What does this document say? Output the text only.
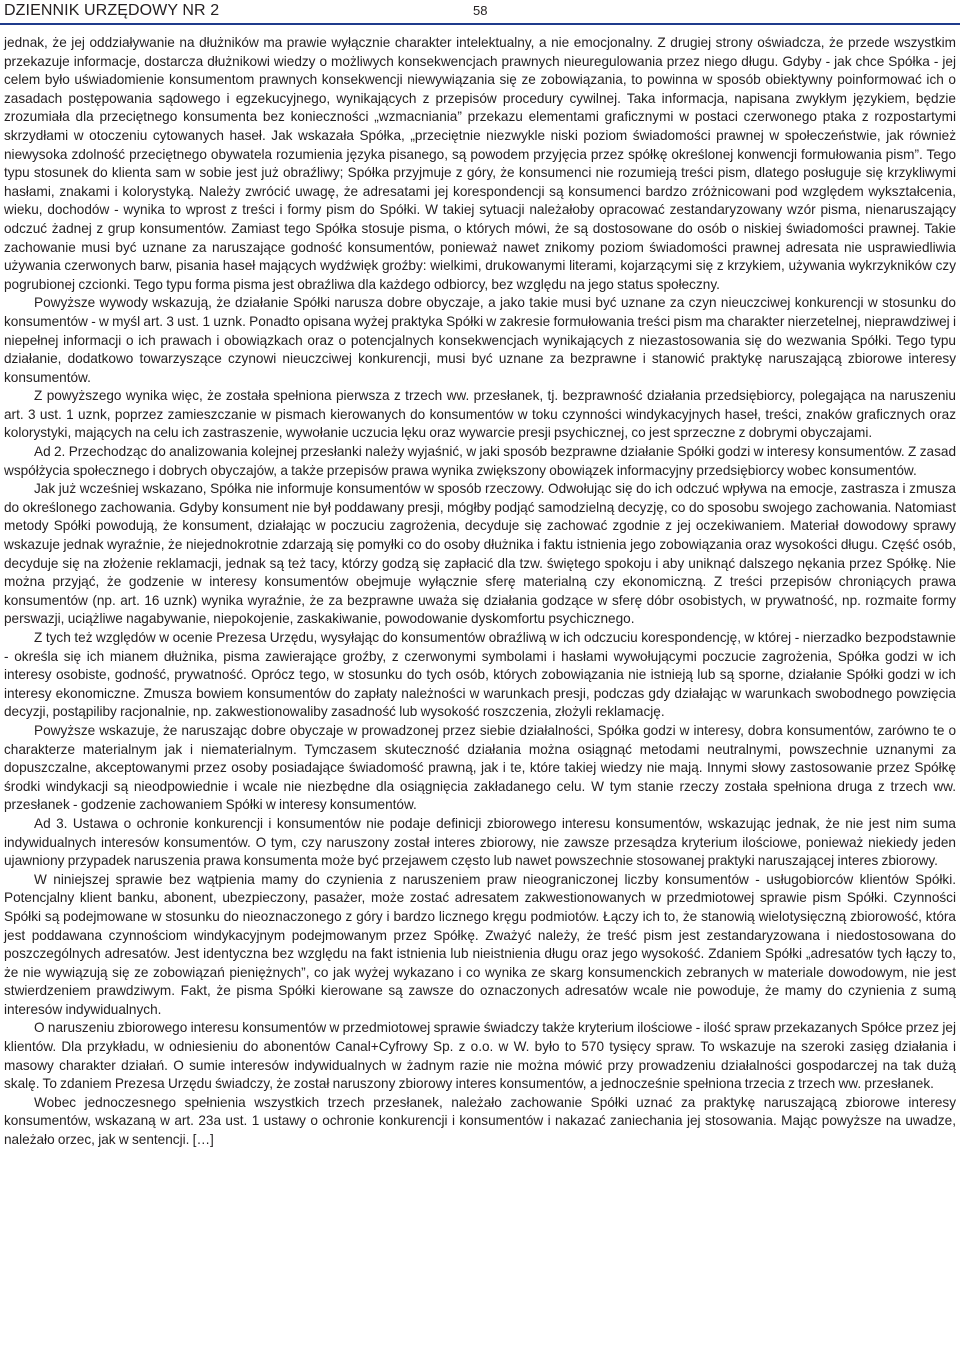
DZIENNIK URZĘDOWY NR 2	58

jednak, że jej oddziaływanie na dłużników ma prawie wyłącznie charakter intelektualny, a nie emocjonalny. Z drugiej strony oświadcza, że przede wszystkim przekazuje informacje, dostarcza dłużnikowi wiedzy o możliwych konsekwencjach prawnych nieuregulowania przez niego długu. Gdyby - jak chce Spółka - jej celem było uświadomienie konsumentom prawnych konsekwencji niewywiązania się ze zobowiązania, to powinna w sposób obiektywny poinformować ich o zasadach postępowania sądowego i egzekucyjnego, wynikających z przepisów procedury cywilnej. Taka informacja, napisana zwykłym językiem, będzie zrozumiała dla przeciętnego konsumenta bez konieczności „wzmacniania” przekazu elementami graficznymi w postaci czerwonego ptaka z rozpostartymi skrzydłami w otoczeniu cytowanych haseł. Jak wskazała Spółka, „przeciętnie niezwykle niski poziom świadomości prawnej w społeczeństwie, jak również niewysoka zdolność przeciętnego obywatela rozumienia języka pisanego, są powodem przyjęcia przez spółkę określonej konwencji formułowania pism”. Tego typu stosunek do klienta sam w sobie jest już obraźliwy; Spółka przyjmuje z góry, że konsumenci nie rozumieją treści pism, dlatego posługuje się krzykliwymi hasłami, znakami i kolorystyką. Należy zwrócić uwagę, że adresatami jej korespondencji są konsumenci bardzo zróżnicowani pod względem wykształcenia, wieku, dochodów - wynika to wprost z treści i formy pism do Spółki. W takiej sytuacji należałoby opracować zestandaryzowany wzór pisma, nienaruszający odczuć żadnej z grup konsumentów. Zamiast tego Spółka stosuje pisma, o których mówi, że są dostosowane do osób o niskiej świadomości prawnej. Takie zachowanie musi być uznane za naruszające godność konsumentów, ponieważ nawet znikomy poziom świadomości prawnej adresata nie usprawiedliwia używania czerwonych barw, pisania haseł mających wydźwięk groźby: wielkimi, drukowanymi literami, kojarzącymi się z krzykiem, używania wykrzykników czy pogrubionej czcionki. Tego typu forma pisma jest obraźliwa dla każdego odbiorcy, bez względu na jego status społeczny.

Powyższe wywody wskazują, że działanie Spółki narusza dobre obyczaje, a jako takie musi być uznane za czyn nieuczciwej konkurencji w stosunku do konsumentów - w myśl art. 3 ust. 1 uznk. Ponadto opisana wyżej praktyka Spółki w zakresie formułowania treści pism ma charakter nierzetelnej, nieprawdziwej i niepełnej informacji o ich prawach i obowiązkach oraz o potencjalnych konsekwencjach wynikających z niezastosowania się do wezwania Spółki. Tego typu działanie, dodatkowo towarzyszące czynowi nieuczciwej konkurencji, musi być uznane za bezprawne i stanowić praktykę naruszającą zbiorowe interesy konsumentów.

Z powyższego wynika więc, że została spełniona pierwsza z trzech ww. przesłanek, tj. bezprawność działania przedsiębiorcy, polegająca na naruszeniu art. 3 ust. 1 uznk, poprzez zamieszczanie w pismach kierowanych do konsumentów w toku czynności windykacyjnych haseł, treści, znaków graficznych oraz kolorystyki, mających na celu ich zastraszenie, wywołanie uczucia lęku oraz wywarcie presji psychicznej, co jest sprzeczne z dobrymi obyczajami.

Ad 2. Przechodząc do analizowania kolejnej przesłanki należy wyjaśnić, w jaki sposób bezprawne działanie Spółki godzi w interesy konsumentów. Z zasad współżycia społecznego i dobrych obyczajów, a także przepisów prawa wynika zwiększony obowiązek informacyjny przedsiębiorcy wobec konsumentów.

Jak już wcześniej wskazano, Spółka nie informuje konsumentów w sposób rzeczowy. Odwołując się do ich odczuć wpływa na emocje, zastrasza i zmusza do określonego zachowania. Gdyby konsument nie był poddawany presji, mógłby podjąć samodzielną decyzję, co do sposobu swojego zachowania. Natomiast metody Spółki powodują, że konsument, działając w poczuciu zagrożenia, decyduje się zachować zgodnie z jej oczekiwaniem. Materiał dowodowy sprawy wskazuje jednak wyraźnie, że niejednokrotnie zdarzają się pomyłki co do osoby dłużnika i faktu istnienia jego zobowiązania oraz wysokości długu. Część osób, decyduje się na złożenie reklamacji, jednak są też tacy, którzy godzą się zapłacić dla tzw. świętego spokoju i aby uniknąć dalszego nękania przez Spółkę. Nie można przyjąć, że godzenie w interesy konsumentów obejmuje wyłącznie sferę materialną czy ekonomiczną. Z treści przepisów chroniących prawa konsumentów (np. art. 16 uznk) wynika wyraźnie, że za bezprawne uważa się działania godzące w sferę dóbr osobistych, w prywatność, np. rozmaite formy perswazji, uciążliwe nagabywanie, niepokojenie, zaskakiwanie, powodowanie dyskomfortu psychicznego.

Z tych też względów w ocenie Prezesa Urzędu, wysyłając do konsumentów obraźliwą w ich odczuciu korespondencję, w której - nierzadko bezpodstawnie - określa się ich mianem dłużnika, pisma zawierające groźby, z czerwonymi symbolami i hasłami wywołującymi poczucie zagrożenia, Spółka godzi w ich interesy osobiste, godność, prywatność. Oprócz tego, w stosunku do tych osób, których zobowiązania nie istnieją lub są sporne, działanie Spółki godzi w ich interesy ekonomiczne. Zmusza bowiem konsumentów do zapłaty należności w warunkach presji, podczas gdy działając w warunkach swobodnego powzięcia decyzji, postąpiliby racjonalnie, np. zakwestionowaliby zasadność lub wysokość roszczenia, złożyli reklamację.

Powyższe wskazuje, że naruszając dobre obyczaje w prowadzonej przez siebie działalności, Spółka godzi w interesy, dobra konsumentów, zarówno te o charakterze materialnym jak i niematerialnym. Tymczasem skuteczność działania można osiągnąć metodami neutralnymi, powszechnie uznanymi za dopuszczalne, akceptowanymi przez osoby posiadające świadomość prawną, jak i te, które takiej wiedzy nie mają. Innymi słowy zastosowanie przez Spółkę środki windykacji są nieodpowiednie i wcale nie niezbędne dla osiągnięcia zakładanego celu. W tym stanie rzeczy została spełniona druga z trzech ww. przesłanek - godzenie zachowaniem Spółki w interesy konsumentów.

Ad 3. Ustawa o ochronie konkurencji i konsumentów nie podaje definicji zbiorowego interesu konsumentów, wskazując jednak, że nie jest nim suma indywidualnych interesów konsumentów. O tym, czy naruszony został interes zbiorowy, nie zawsze przesądza kryterium ilościowe, ponieważ niekiedy jeden ujawniony przypadek naruszenia prawa konsumenta może być przejawem często lub nawet powszechnie stosowanej praktyki naruszającej interes zbiorowy.

W niniejszej sprawie bez wątpienia mamy do czynienia z naruszeniem praw nieograniczonej liczby konsumentów - usługobiorców klientów Spółki. Potencjalny klient banku, abonent, ubezpieczony, pasażer, może zostać adresatem zakwestionowanych w przedmiotowej sprawie pism Spółki. Czynności Spółki są podejmowane w stosunku do nieoznaczonego z góry i bardzo licznego kręgu podmiotów. Łączy ich to, że stanowią wielotysięczną zbiorowość, która jest poddawana czynnościom windykacyjnym podejmowanym przez Spółkę. Zważyć należy, że treść pism jest zestandaryzowana i niedostosowana do poszczególnych adresatów. Jest identyczna bez względu na fakt istnienia lub nieistnienia długu oraz jego wysokość. Zdaniem Spółki „adresatów tych łączy to, że nie wywiązują się ze zobowiązań pieniężnych”, co jak wyżej wykazano i co wynika ze skarg konsumenckich zebranych w materiale dowodowym, nie jest stwierdzeniem prawdziwym. Fakt, że pisma Spółki kierowane są zawsze do oznaczonych adresatów wcale nie powoduje, że mamy do czynienia z sumą interesów indywidualnych.

O naruszeniu zbiorowego interesu konsumentów w przedmiotowej sprawie świadczy także kryterium ilościowe - ilość spraw przekazanych Spółce przez jej klientów. Dla przykładu, w odniesieniu do abonentów Canal+Cyfrowy Sp. z o.o. w W. było to 570 tysięcy spraw. To wskazuje na szeroki zasięg działania i masowy charakter działań. O sumie interesów indywidualnych w żadnym razie nie można mówić przy prowadzeniu działalności gospodarczej na tak dużą skalę. To zdaniem Prezesa Urzędu świadczy, że został naruszony zbiorowy interes konsumentów, a jednocześnie spełniona trzecia z trzech ww. przesłanek.

Wobec jednoczesnego spełnienia wszystkich trzech przesłanek, należało zachowanie Spółki uznać za praktykę naruszającą zbiorowe interesy konsumentów, wskazaną w art. 23a ust. 1 ustawy o ochronie konkurencji i konsumentów i nakazać zaniechania jej stosowania. Mając powyższe na uwadze, należało orzec, jak w sentencji. […]
